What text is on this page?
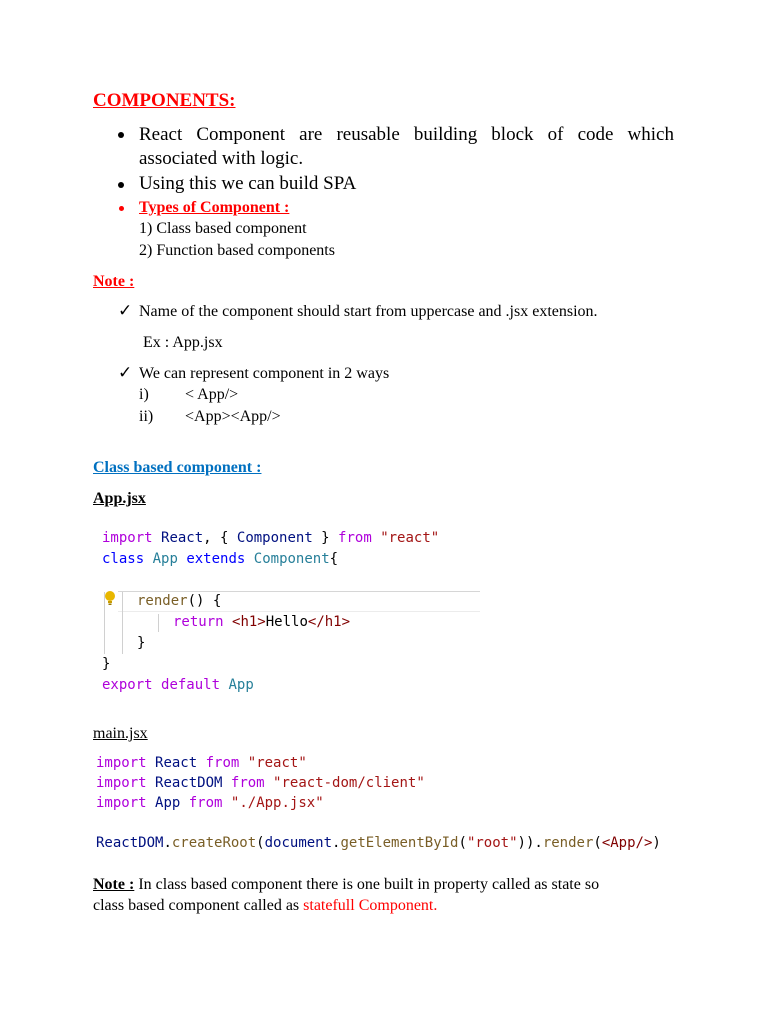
COMPONENTS:
React Component are reusable building block of code which
associated with logic.
Using this we can build SPA
Types of Component :
1) Class based component
2) Function based components
Note :
✓ Name of the component should start from uppercase and .jsx extension.
Ex : App.jsx
✓ We can represent component in 2 ways
i) < App/>
ii) <App><App/>
Class based component :
App.jsx
import React, { Component } from "react"
class App extends Component{
render() {
return <h1>Hello</h1>
}
}
export default App
main.jsx
import React from "react"
import ReactDOM from "react-dom/client"
import App from "./App.jsx"
ReactDOM.createRoot(document.getElementById("root")).render(<App/>)
Note : In class based component there is one built in property called as state so
class based component called as statefull Component.
